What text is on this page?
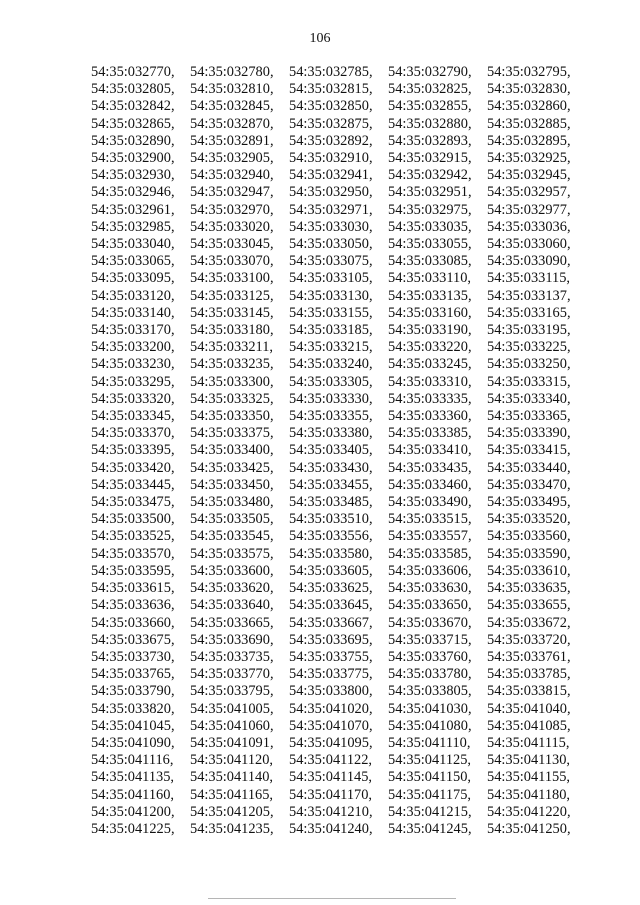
106
54:35:032770,	54:35:032780,	54:35:032785,	54:35:032790,	54:35:032795,
54:35:032805,	54:35:032810,	54:35:032815,	54:35:032825,	54:35:032830,
54:35:032842,	54:35:032845,	54:35:032850,	54:35:032855,	54:35:032860,
54:35:032865,	54:35:032870,	54:35:032875,	54:35:032880,	54:35:032885,
54:35:032890,	54:35:032891,	54:35:032892,	54:35:032893,	54:35:032895,
54:35:032900,	54:35:032905,	54:35:032910,	54:35:032915,	54:35:032925,
54:35:032930,	54:35:032940,	54:35:032941,	54:35:032942,	54:35:032945,
54:35:032946,	54:35:032947,	54:35:032950,	54:35:032951,	54:35:032957,
54:35:032961,	54:35:032970,	54:35:032971,	54:35:032975,	54:35:032977,
54:35:032985,	54:35:033020,	54:35:033030,	54:35:033035,	54:35:033036,
54:35:033040,	54:35:033045,	54:35:033050,	54:35:033055,	54:35:033060,
54:35:033065,	54:35:033070,	54:35:033075,	54:35:033085,	54:35:033090,
54:35:033095,	54:35:033100,	54:35:033105,	54:35:033110,	54:35:033115,
54:35:033120,	54:35:033125,	54:35:033130,	54:35:033135,	54:35:033137,
54:35:033140,	54:35:033145,	54:35:033155,	54:35:033160,	54:35:033165,
54:35:033170,	54:35:033180,	54:35:033185,	54:35:033190,	54:35:033195,
54:35:033200,	54:35:033211,	54:35:033215,	54:35:033220,	54:35:033225,
54:35:033230,	54:35:033235,	54:35:033240,	54:35:033245,	54:35:033250,
54:35:033295,	54:35:033300,	54:35:033305,	54:35:033310,	54:35:033315,
54:35:033320,	54:35:033325,	54:35:033330,	54:35:033335,	54:35:033340,
54:35:033345,	54:35:033350,	54:35:033355,	54:35:033360,	54:35:033365,
54:35:033370,	54:35:033375,	54:35:033380,	54:35:033385,	54:35:033390,
54:35:033395,	54:35:033400,	54:35:033405,	54:35:033410,	54:35:033415,
54:35:033420,	54:35:033425,	54:35:033430,	54:35:033435,	54:35:033440,
54:35:033445,	54:35:033450,	54:35:033455,	54:35:033460,	54:35:033470,
54:35:033475,	54:35:033480,	54:35:033485,	54:35:033490,	54:35:033495,
54:35:033500,	54:35:033505,	54:35:033510,	54:35:033515,	54:35:033520,
54:35:033525,	54:35:033545,	54:35:033556,	54:35:033557,	54:35:033560,
54:35:033570,	54:35:033575,	54:35:033580,	54:35:033585,	54:35:033590,
54:35:033595,	54:35:033600,	54:35:033605,	54:35:033606,	54:35:033610,
54:35:033615,	54:35:033620,	54:35:033625,	54:35:033630,	54:35:033635,
54:35:033636,	54:35:033640,	54:35:033645,	54:35:033650,	54:35:033655,
54:35:033660,	54:35:033665,	54:35:033667,	54:35:033670,	54:35:033672,
54:35:033675,	54:35:033690,	54:35:033695,	54:35:033715,	54:35:033720,
54:35:033730,	54:35:033735,	54:35:033755,	54:35:033760,	54:35:033761,
54:35:033765,	54:35:033770,	54:35:033775,	54:35:033780,	54:35:033785,
54:35:033790,	54:35:033795,	54:35:033800,	54:35:033805,	54:35:033815,
54:35:033820,	54:35:041005,	54:35:041020,	54:35:041030,	54:35:041040,
54:35:041045,	54:35:041060,	54:35:041070,	54:35:041080,	54:35:041085,
54:35:041090,	54:35:041091,	54:35:041095,	54:35:041110,	54:35:041115,
54:35:041116,	54:35:041120,	54:35:041122,	54:35:041125,	54:35:041130,
54:35:041135,	54:35:041140,	54:35:041145,	54:35:041150,	54:35:041155,
54:35:041160,	54:35:041165,	54:35:041170,	54:35:041175,	54:35:041180,
54:35:041200,	54:35:041205,	54:35:041210,	54:35:041215,	54:35:041220,
54:35:041225,	54:35:041235,	54:35:041240,	54:35:041245,	54:35:041250,
